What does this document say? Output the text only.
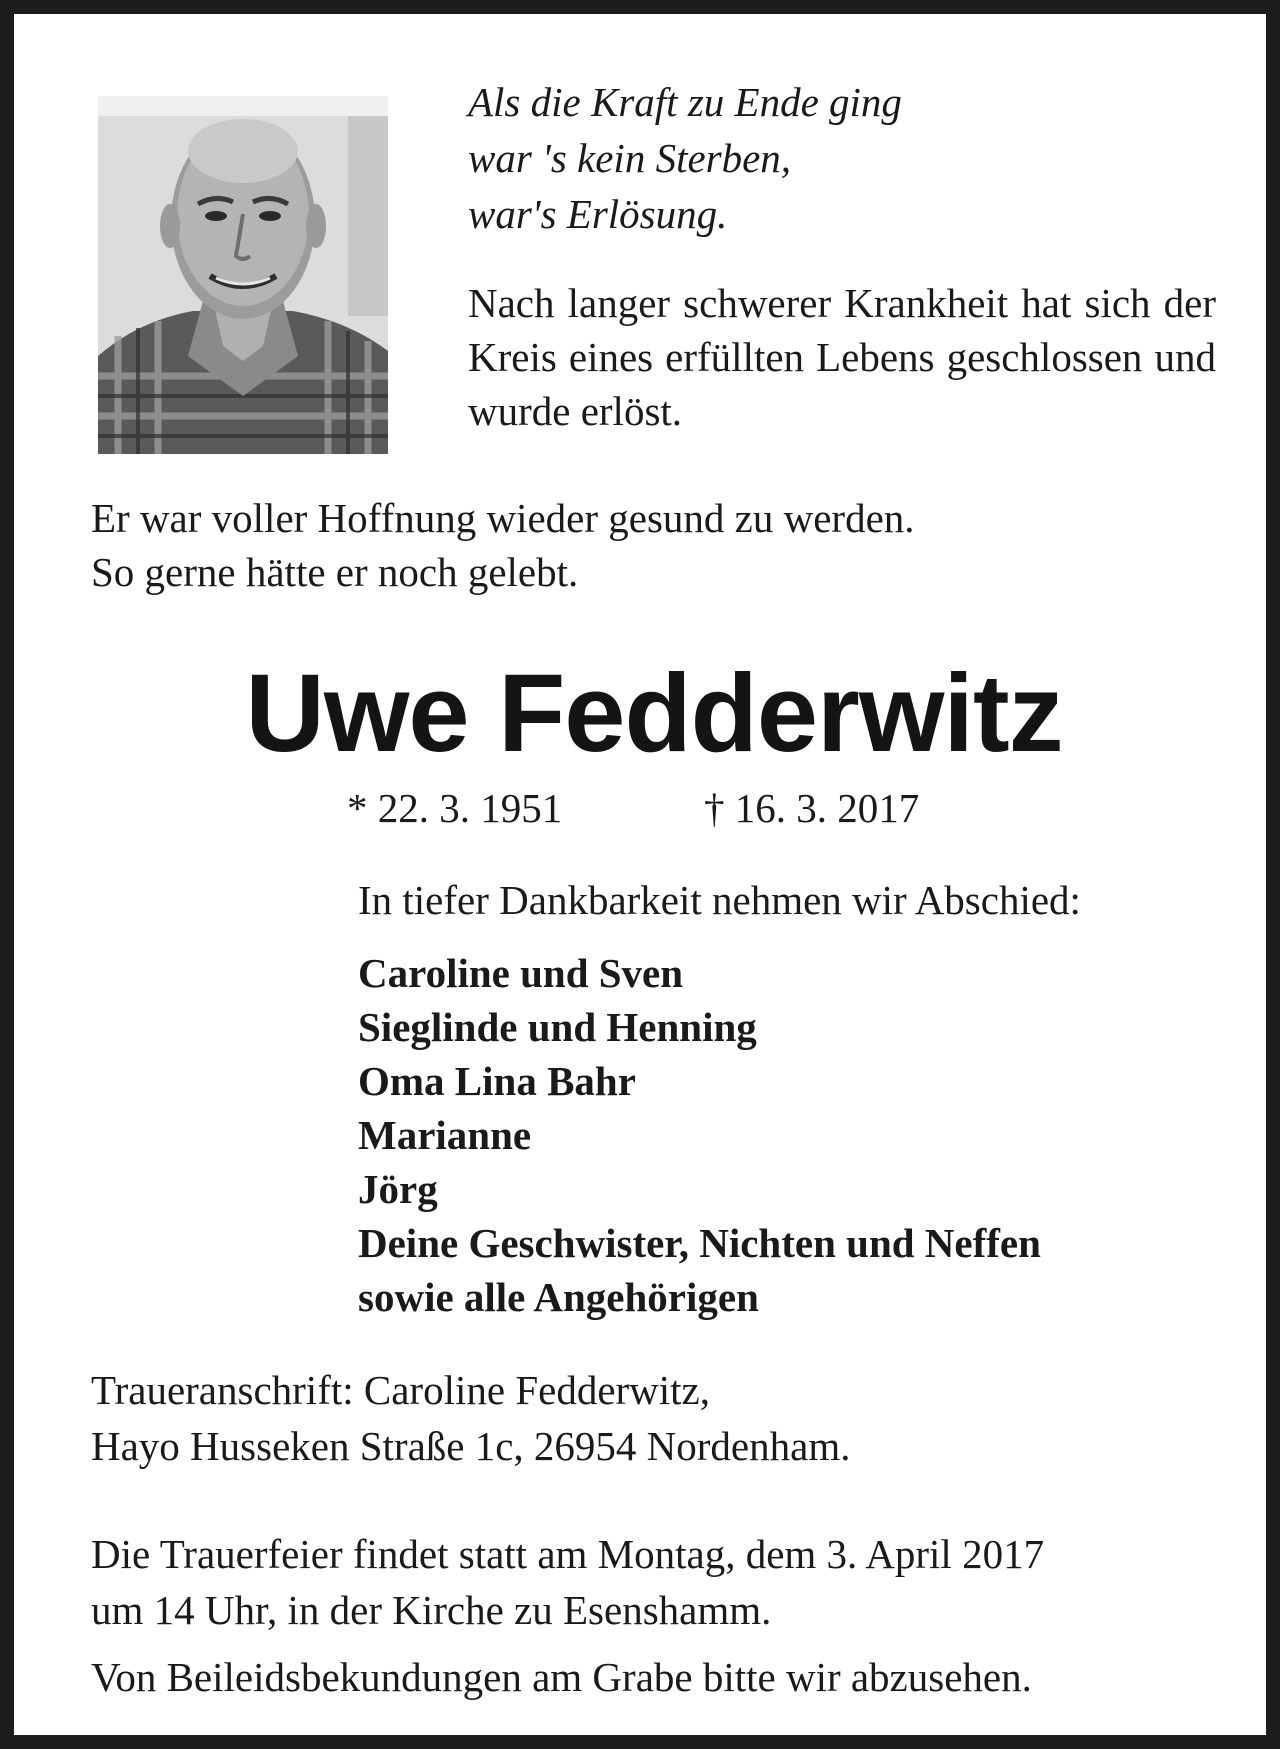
Als die Kraft zu Ende ging
war 's kein Sterben,
war's Erlösung.
Nach langer schwerer Krankheit hat sich der Kreis eines erfüllten Lebens geschlossen und wurde erlöst.
Er war voller Hoffnung wieder gesund zu werden.
So gerne hätte er noch gelebt.
Uwe Fedderwitz
* 22. 3. 1951	† 16. 3. 2017
In tiefer Dankbarkeit nehmen wir Abschied:
Caroline und Sven
Sieglinde und Henning
Oma Lina Bahr
Marianne
Jörg
Deine Geschwister, Nichten und Neffen
sowie alle Angehörigen
Traueranschrift: Caroline Fedderwitz,
Hayo Husseken Straße 1c, 26954 Nordenham.
Die Trauerfeier findet statt am Montag, dem 3. April 2017
um 14 Uhr, in der Kirche zu Esenshamm.
Von Beileidsbekundungen am Grabe bitte wir abzusehen.
